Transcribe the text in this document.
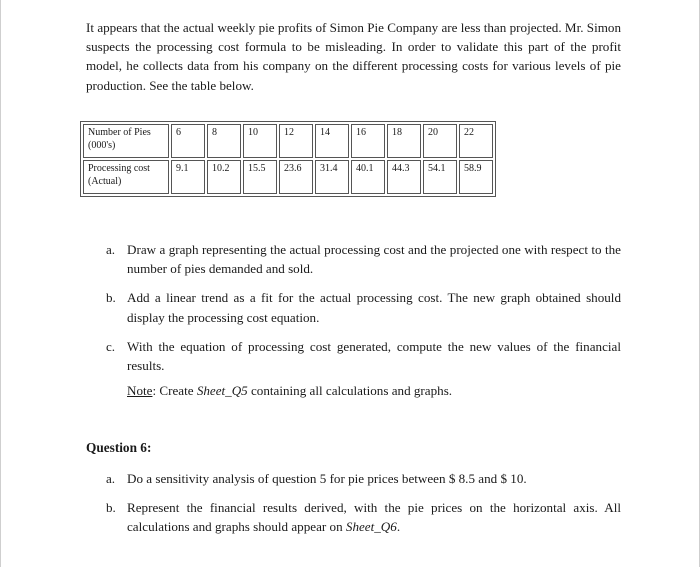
It appears that the actual weekly pie profits of Simon Pie Company are less than projected. Mr. Simon suspects the processing cost formula to be misleading. In order to validate this part of the profit model, he collects data from his company on the different processing costs for various levels of pie production. See the table below.

Number of Pies (000's)	6	8	10	12	14	16	18	20	22
Processing cost (Actual)	9.1	10.2	15.5	23.6	31.4	40.1	44.3	54.1	58.9
a. Draw a graph representing the actual processing cost and the projected one with respect to the number of pies demanded and sold.
b. Add a linear trend as a fit for the actual processing cost. The new graph obtained should display the processing cost equation.
c. With the equation of processing cost generated, compute the new values of the financial results.
Note: Create Sheet_Q5 containing all calculations and graphs.
Question 6:
a. Do a sensitivity analysis of question 5 for pie prices between $ 8.5 and $ 10.
b. Represent the financial results derived, with the pie prices on the horizontal axis. All calculations and graphs should appear on Sheet_Q6.
